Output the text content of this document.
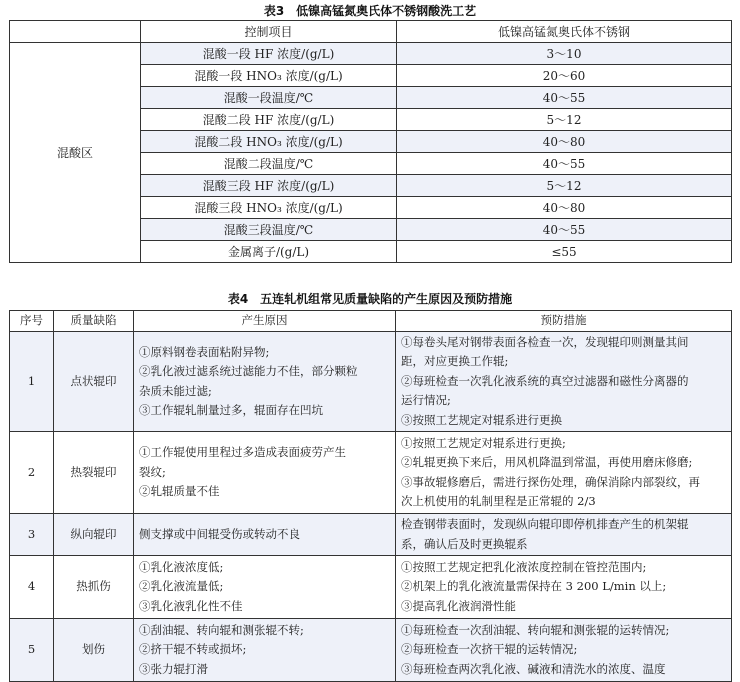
表3　低镍高锰氮奥氏体不锈钢酸洗工艺
	控制项目	低镍高锰氮奥氏体不锈钢
混酸区	混酸一段 HF 浓度/(g/L)	3～10
	混酸一段 HNO₃ 浓度/(g/L)	20～60
	混酸一段温度/℃	40～55
	混酸二段 HF 浓度/(g/L)	5～12
	混酸二段 HNO₃ 浓度/(g/L)	40～80
	混酸二段温度/℃	40～55
	混酸三段 HF 浓度/(g/L)	5～12
	混酸三段 HNO₃ 浓度/(g/L)	40～80
	混酸三段温度/℃	40～55
	金属离子/(g/L)	≤55
表4　五连轧机组常见质量缺陷的产生原因及预防措施
序号	质量缺陷	产生原因	预防措施
1	点状辊印	①原料钢卷表面粘附异物;
②乳化液过滤系统过滤能力不佳，部分颗粒
杂质未能过滤;
③工作辊轧制量过多，辊面存在凹坑	①每卷头尾对钢带表面各检查一次，发现辊印则测量其间
距，对应更换工作辊;
②每班检查一次乳化液系统的真空过滤器和磁性分离器的
运行情况;
③按照工艺规定对辊系进行更换

2	热裂辊印	①工作辊使用里程过多造成表面疲劳产生
裂纹;
②轧辊质量不佳	①按照工艺规定对辊系进行更换;
②轧辊更换下来后，用风机降温到常温，再使用磨床修磨;
③事故辊修磨后，需进行探伤处理，确保消除内部裂纹，再
次上机使用的轧制里程是正常辊的 2/3

3	纵向辊印	侧支撑或中间辊受伤或转动不良	检查钢带表面时，发现纵向辊印即停机排查产生的机架辊
系，确认后及时更换辊系

4	热抓伤	①乳化液浓度低;
②乳化液流量低;
③乳化液乳化性不佳	①按照工艺规定把乳化液浓度控制在管控范围内;
②机架上的乳化液流量需保持在 3 200 L/min 以上;
③提高乳化液润滑性能

5	划伤	①刮油辊、转向辊和测张辊不转;
②挤干辊不转或损坏;
③张力辊打滑	①每班检查一次刮油辊、转向辊和测张辊的运转情况;
②每班检查一次挤干辊的运转情况;
③每班检查两次乳化液、碱液和清洗水的浓度、温度
